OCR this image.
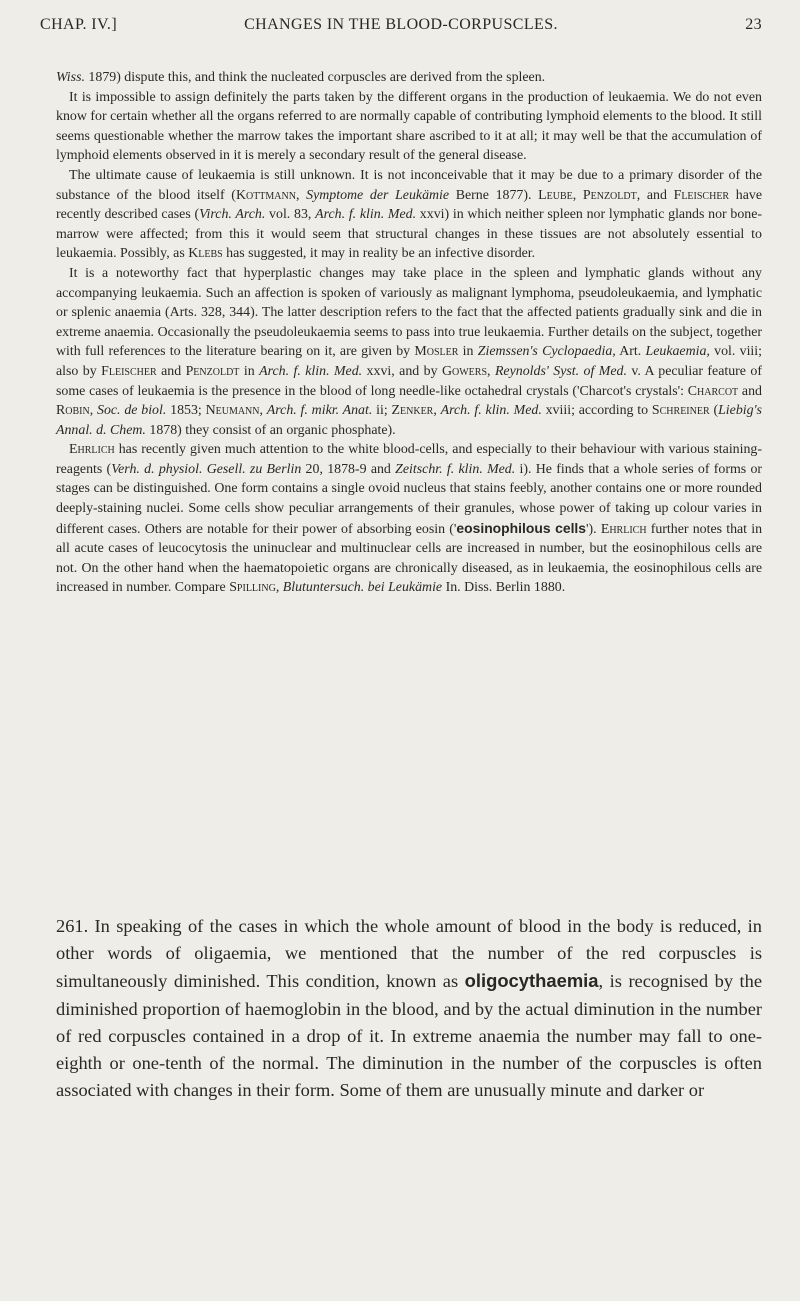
CHAP. IV.]	CHANGES IN THE BLOOD-CORPUSCLES.	23

Wiss. 1879) dispute this, and think the nucleated corpuscles are derived from the spleen.

It is impossible to assign definitely the parts taken by the different organs in the production of leukaemia. We do not even know for certain whether all the organs referred to are normally capable of contributing lymphoid elements to the blood. It still seems questionable whether the marrow takes the important share ascribed to it at all; it may well be that the accumulation of lymphoid elements observed in it is merely a secondary result of the general disease.

The ultimate cause of leukaemia is still unknown. It is not inconceivable that it may be due to a primary disorder of the substance of the blood itself (Kottmann, Symptome der Leukämie Berne 1877). Leube, Penzoldt, and Fleischer have recently described cases (Virch. Arch. vol. 83, Arch. f. klin. Med. xxvi) in which neither spleen nor lymphatic glands nor bone-marrow were affected; from this it would seem that structural changes in these tissues are not absolutely essential to leukaemia. Possibly, as Klebs has suggested, it may in reality be an infective disorder.

It is a noteworthy fact that hyperplastic changes may take place in the spleen and lymphatic glands without any accompanying leukaemia. Such an affection is spoken of variously as malignant lymphoma, pseudoleukaemia, and lymphatic or splenic anaemia (Arts. 328, 344). The latter description refers to the fact that the affected patients gradually sink and die in extreme anaemia. Occasionally the pseudoleukaemia seems to pass into true leukaemia. Further details on the subject, together with full references to the literature bearing on it, are given by Mosler in Ziemssen's Cyclopaedia, Art. Leukaemia, vol. viii; also by Fleischer and Penzoldt in Arch. f. klin. Med. xxvi, and by Gowers, Reynolds' Syst. of Med. v. A peculiar feature of some cases of leukaemia is the presence in the blood of long needle-like octahedral crystals ('Charcot's crystals': Charcot and Robin, Soc. de biol. 1853; Neumann, Arch. f. mikr. Anat. ii; Zenker, Arch. f. klin. Med. xviii; according to Schreiner (Liebig's Annal. d. Chem. 1878) they consist of an organic phosphate).

Ehrlich has recently given much attention to the white blood-cells, and especially to their behaviour with various staining-reagents (Verh. d. physiol. Gesell. zu Berlin 20, 1878-9 and Zeitschr. f. klin. Med. i). He finds that a whole series of forms or stages can be distinguished. One form contains a single ovoid nucleus that stains feebly, another contains one or more rounded deeply-staining nuclei. Some cells show peculiar arrangements of their granules, whose power of taking up colour varies in different cases. Others are notable for their power of absorbing eosin ('eosinophilous cells'). Ehrlich further notes that in all acute cases of leucocytosis the uninuclear and multinuclear cells are increased in number, but the eosinophilous cells are not. On the other hand when the haematopoietic organs are chronically diseased, as in leukaemia, the eosinophilous cells are increased in number. Compare Spilling, Blutuntersuch. bei Leukämie In. Diss. Berlin 1880.

261. In speaking of the cases in which the whole amount of blood in the body is reduced, in other words of oligaemia, we mentioned that the number of the red corpuscles is simultaneously diminished. This condition, known as oligocythaemia, is recognised by the diminished proportion of haemoglobin in the blood, and by the actual diminution in the number of red corpuscles contained in a drop of it. In extreme anaemia the number may fall to one-eighth or one-tenth of the normal. The diminution in the number of the corpuscles is often associated with changes in their form. Some of them are unusually minute and darker or
